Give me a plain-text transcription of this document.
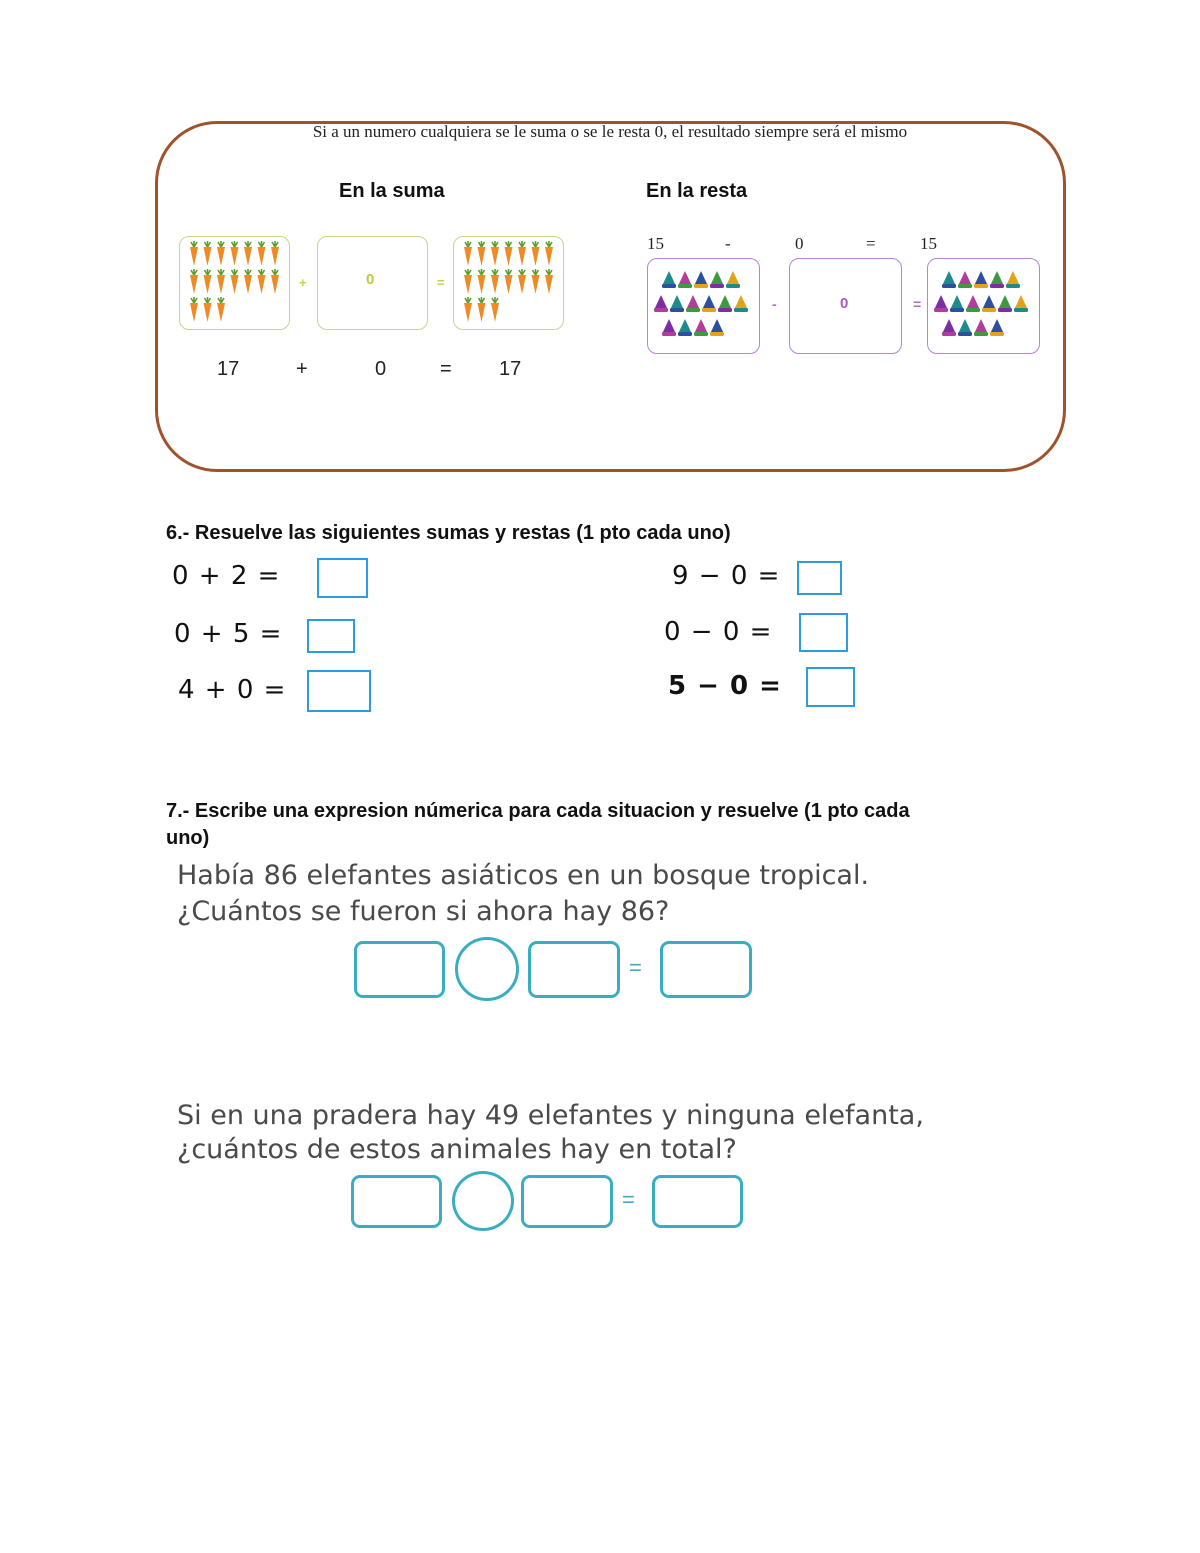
Si a un numero cualquiera se le suma o se le resta 0, el resultado siempre será el mismo
En la suma	En la resta
+	0	=
17	+	0	= 17
15	-	0	=	15
-	0	=
6.- Resuelve las siguientes sumas y restas (1 pto cada uno)
0 + 2 =
0 + 5 =
4 + 0 =
9 − 0 =
0 − 0 =
5 − 0 =
7.- Escribe una expresion númerica para cada situacion y resuelve (1 pto cada
uno)
Había 86 elefantes asiáticos en un bosque tropical.
¿Cuántos se fueron si ahora hay 86?
=
Si en una pradera hay 49 elefantes y ninguna elefanta,
¿cuántos de estos animales hay en total?
=
